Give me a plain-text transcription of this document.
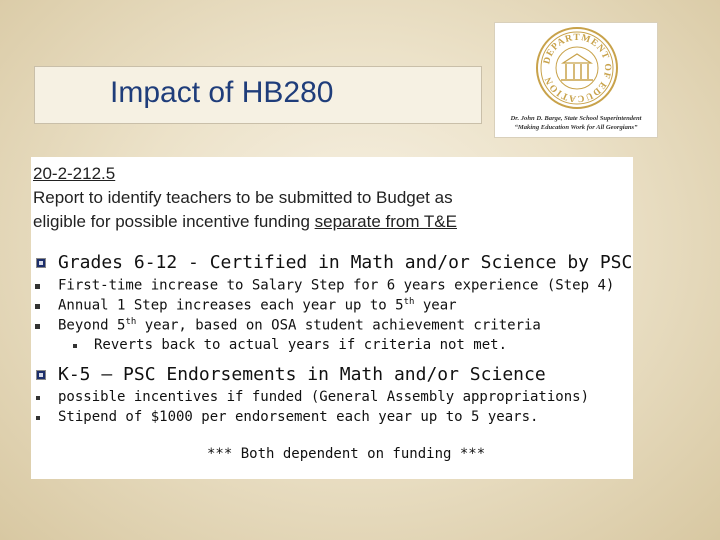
Impact of HB280
DEPARTMENT OF EDUCATION
Dr. John D. Barge, State School Superintendent
“Making Education Work for All Georgians”
20-2-212.5
Report to identify teachers to be submitted to Budget as
eligible for possible incentive funding separate from T&E
Grades 6-12 - Certified in Math and/or Science by PSC
First-time increase to Salary Step for 6 years experience (Step 4)
Annual 1 Step increases each year up to 5th year
Beyond 5th year, based on OSA student achievement criteria
Reverts back to actual years if criteria not met.
K-5 – PSC Endorsements in Math and/or Science
possible incentives if funded (General Assembly appropriations)
Stipend of $1000 per endorsement each year up to 5 years.
*** Both dependent on funding ***
